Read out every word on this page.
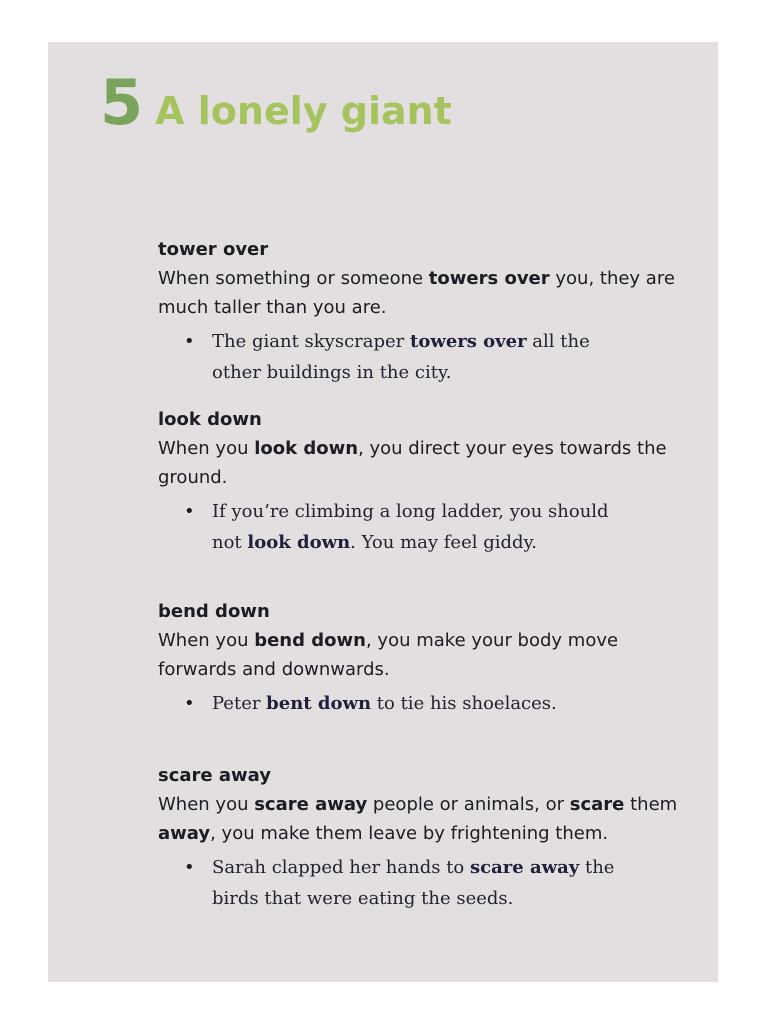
5 A lonely giant
tower over
When something or someone towers over you, they are much taller than you are.
• The giant skyscraper towers over all the other buildings in the city.
look down
When you look down, you direct your eyes towards the ground.
• If you’re climbing a long ladder, you should not look down. You may feel giddy.
bend down
When you bend down, you make your body move forwards and downwards.
• Peter bent down to tie his shoelaces.
scare away
When you scare away people or animals, or scare them away, you make them leave by frightening them.
• Sarah clapped her hands to scare away the birds that were eating the seeds.
